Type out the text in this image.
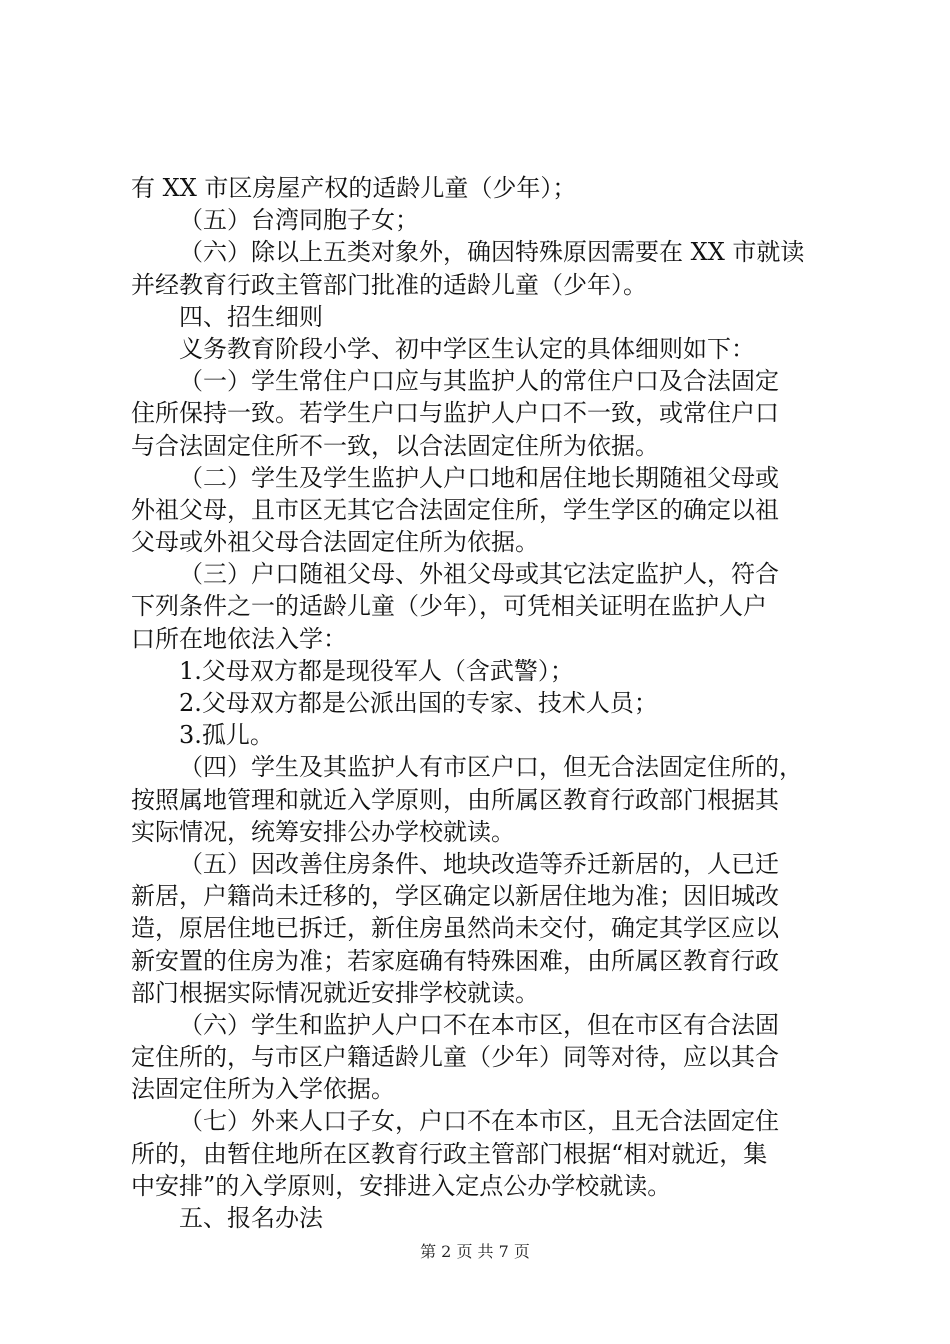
有 XX 市区房屋产权的适龄儿童（少年）；
（五）台湾同胞子女；
（六）除以上五类对象外，确因特殊原因需要在 XX 市就读
并经教育行政主管部门批准的适龄儿童（少年）。
四、招生细则
义务教育阶段小学、初中学区生认定的具体细则如下：
（一）学生常住户口应与其监护人的常住户口及合法固定
住所保持一致。若学生户口与监护人户口不一致，或常住户口
与合法固定住所不一致，以合法固定住所为依据。
（二）学生及学生监护人户口地和居住地长期随祖父母或
外祖父母，且市区无其它合法固定住所，学生学区的确定以祖
父母或外祖父母合法固定住所为依据。
（三）户口随祖父母、外祖父母或其它法定监护人，符合
下列条件之一的适龄儿童（少年），可凭相关证明在监护人户
口所在地依法入学：
1.父母双方都是现役军人（含武警）；
2.父母双方都是公派出国的专家、技术人员；
3.孤儿。
（四）学生及其监护人有市区户口，但无合法固定住所的，
按照属地管理和就近入学原则，由所属区教育行政部门根据其
实际情况，统筹安排公办学校就读。
（五）因改善住房条件、地块改造等乔迁新居的，人已迁
新居，户籍尚未迁移的，学区确定以新居住地为准；因旧城改
造，原居住地已拆迁，新住房虽然尚未交付，确定其学区应以
新安置的住房为准；若家庭确有特殊困难，由所属区教育行政
部门根据实际情况就近安排学校就读。
（六）学生和监护人户口不在本市区，但在市区有合法固
定住所的，与市区户籍适龄儿童（少年）同等对待，应以其合
法固定住所为入学依据。
（七）外来人口子女，户口不在本市区，且无合法固定住
所的，由暂住地所在区教育行政主管部门根据“相对就近，集
中安排”的入学原则，安排进入定点公办学校就读。
五、报名办法
第 2 页 共 7 页
